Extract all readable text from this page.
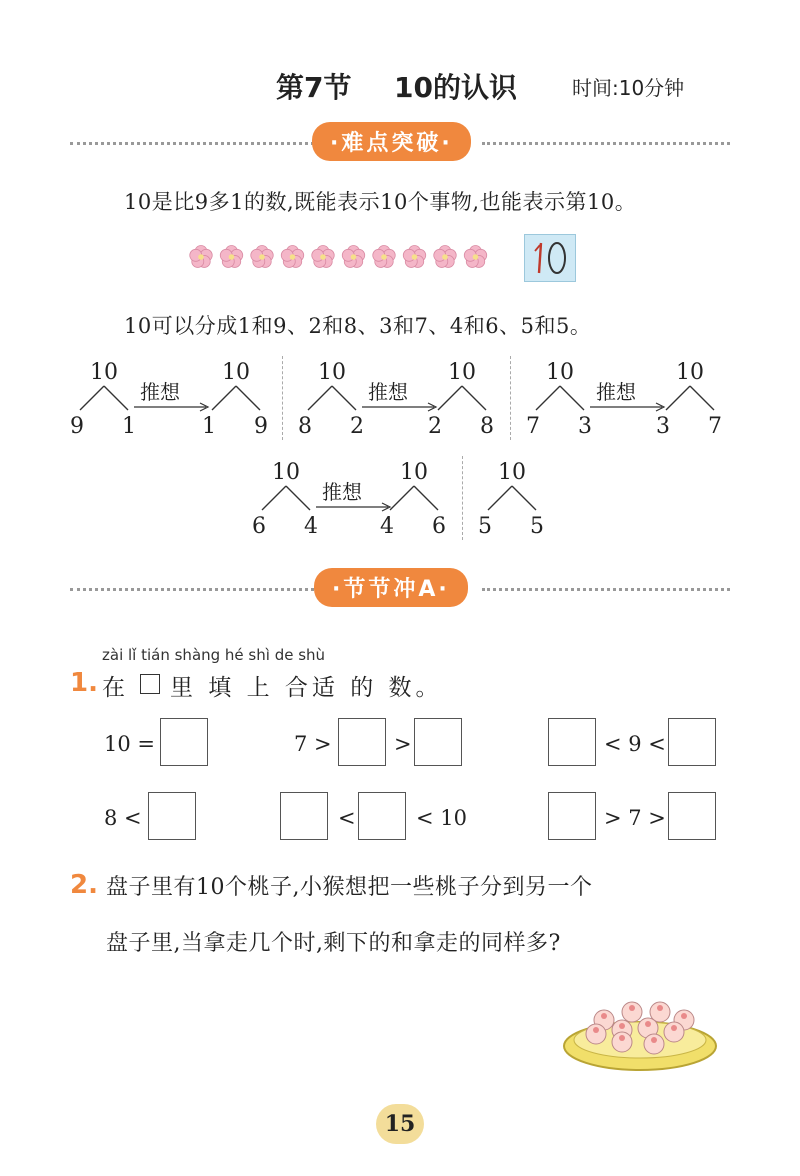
第7节 10的认识	时间:10分钟
·难点突破·
10是比9多1的数,既能表示10个事物,也能表示第10。
10可以分成1和9、2和8、3和7、4和6、5和5。
10
9 1
10
1 9
推想
10
8 2
10
2 8
推想
10
7 3
10
3 7
推想
10
6 4
10
4 6
推想
10
5 5
·节节冲A·
zài lǐ tián shàng hé shì de shù
1. 在 里 填 上 合适 的 数。
10 =	7 >	>	< 9 <
8 <	<	< 10	> 7 >
2. 盘子里有10个桃子,小猴想把一些桃子分到另一个
盘子里,当拿走几个时,剩下的和拿走的同样多?
15
